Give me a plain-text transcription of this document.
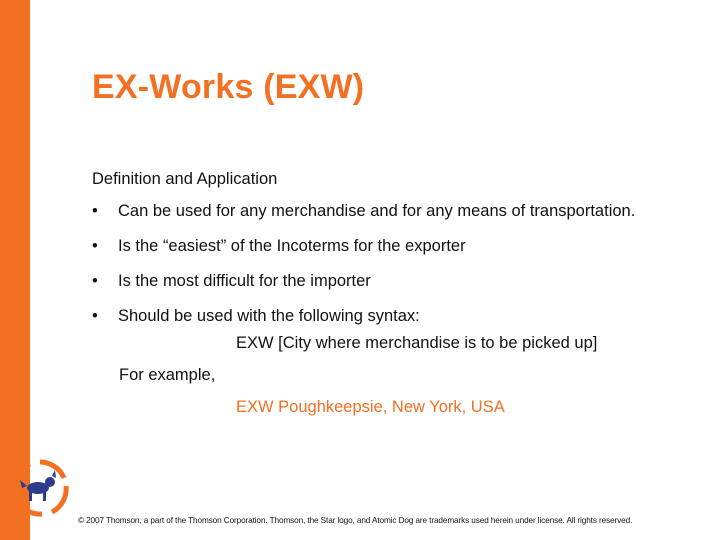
EX-Works (EXW)

Definition and Application

•	Can be used for any merchandise and for any means of transportation.
•	Is the “easiest” of the Incoterms for the exporter
•	Is the most difficult for the importer
•	Should be used with the following syntax:
EXW [City where merchandise is to be picked up]
For example,
EXW Poughkeepsie, New York, USA
© 2007 Thomson, a part of the Thomson Corporation. Thomson, the Star logo, and Atomic Dog are trademarks used herein under license. All rights reserved.
